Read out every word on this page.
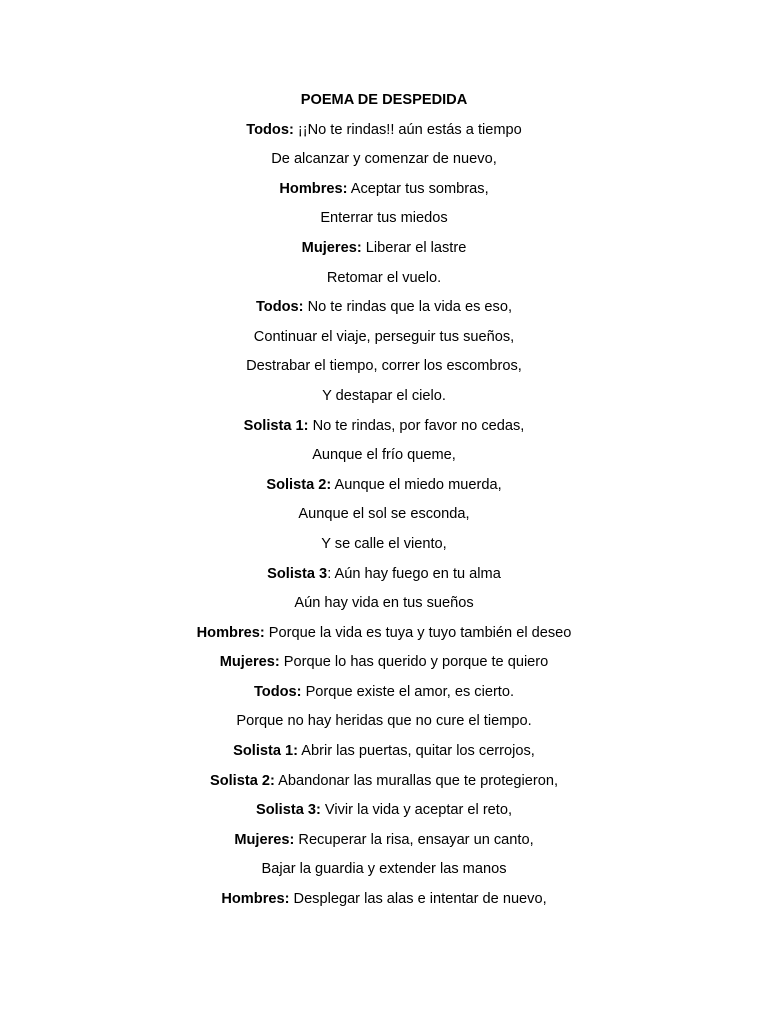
POEMA DE DESPEDIDA

Todos: ¡¡No te rindas!! aún estás a tiempo

De alcanzar y comenzar de nuevo,

Hombres: Aceptar tus sombras,

Enterrar tus miedos

Mujeres: Liberar el lastre

Retomar el vuelo.

Todos: No te rindas que la vida es eso,

Continuar el viaje, perseguir tus sueños,

Destrabar el tiempo, correr los escombros,

Y destapar el cielo.

Solista 1: No te rindas, por favor no cedas,

Aunque el frío queme,

Solista 2: Aunque el miedo muerda,

Aunque el sol se esconda,

Y se calle el viento,

Solista 3: Aún hay fuego en tu alma

Aún hay vida en tus sueños

Hombres: Porque la vida es tuya y tuyo también el deseo

Mujeres: Porque lo has querido y porque te quiero

Todos: Porque existe el amor, es cierto.

Porque no hay heridas que no cure el tiempo.

Solista 1: Abrir las puertas, quitar los cerrojos,

Solista 2: Abandonar las murallas que te protegieron,

Solista 3: Vivir la vida y aceptar el reto,

Mujeres: Recuperar la risa, ensayar un canto,

Bajar la guardia y extender las manos

Hombres: Desplegar las alas e intentar de nuevo,
